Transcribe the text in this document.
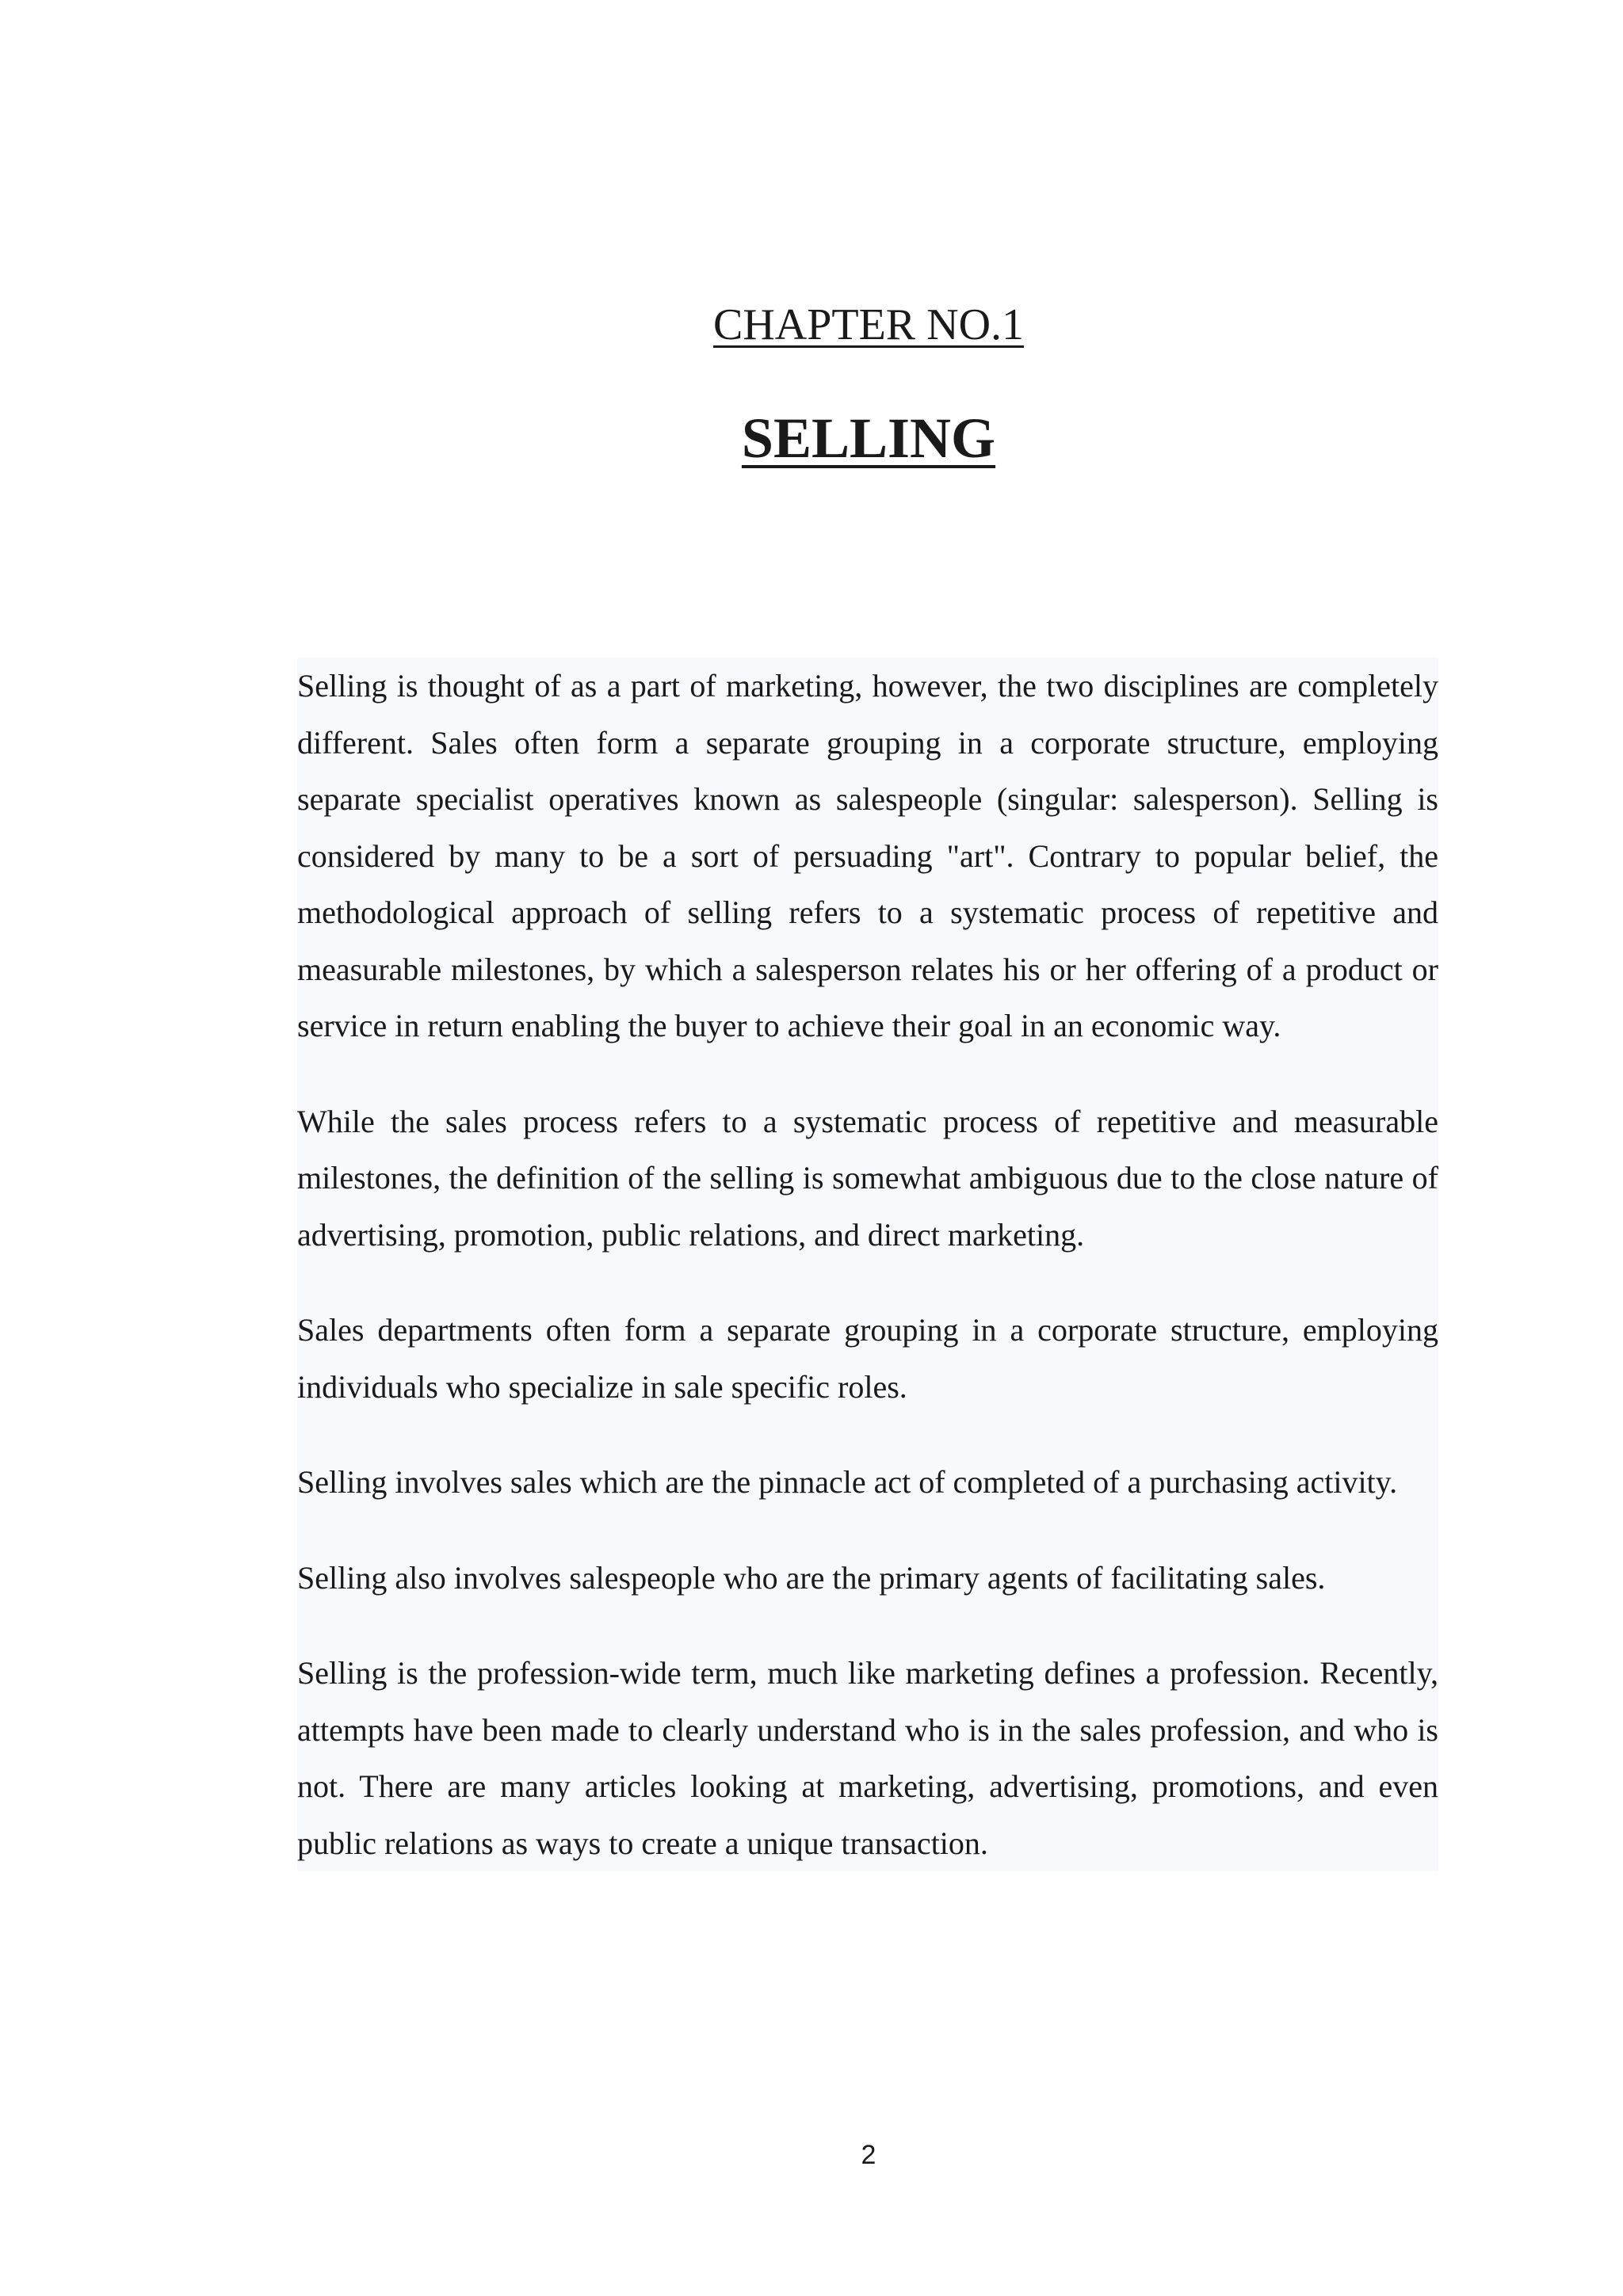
CHAPTER NO.1
SELLING

Selling is thought of as a part of marketing, however, the two disciplines are completely different. Sales often form a separate grouping in a corporate structure, employing separate specialist operatives known as salespeople (singular: salesperson). Selling is considered by many to be a sort of persuading "art". Contrary to popular belief, the methodological approach of selling refers to a systematic process of repetitive and measurable milestones, by which a salesperson relates his or her offering of a product or service in return enabling the buyer to achieve their goal in an economic way.

While the sales process refers to a systematic process of repetitive and measurable milestones, the definition of the selling is somewhat ambiguous due to the close nature of advertising, promotion, public relations, and direct marketing.

Sales departments often form a separate grouping in a corporate structure, employing individuals who specialize in sale specific roles.

Selling involves sales which are the pinnacle act of completed of a purchasing activity.

Selling also involves salespeople who are the primary agents of facilitating sales.

Selling is the profession-wide term, much like marketing defines a profession. Recently, attempts have been made to clearly understand who is in the sales profession, and who is not. There are many articles looking at marketing, advertising, promotions, and even public relations as ways to create a unique transaction.

2
